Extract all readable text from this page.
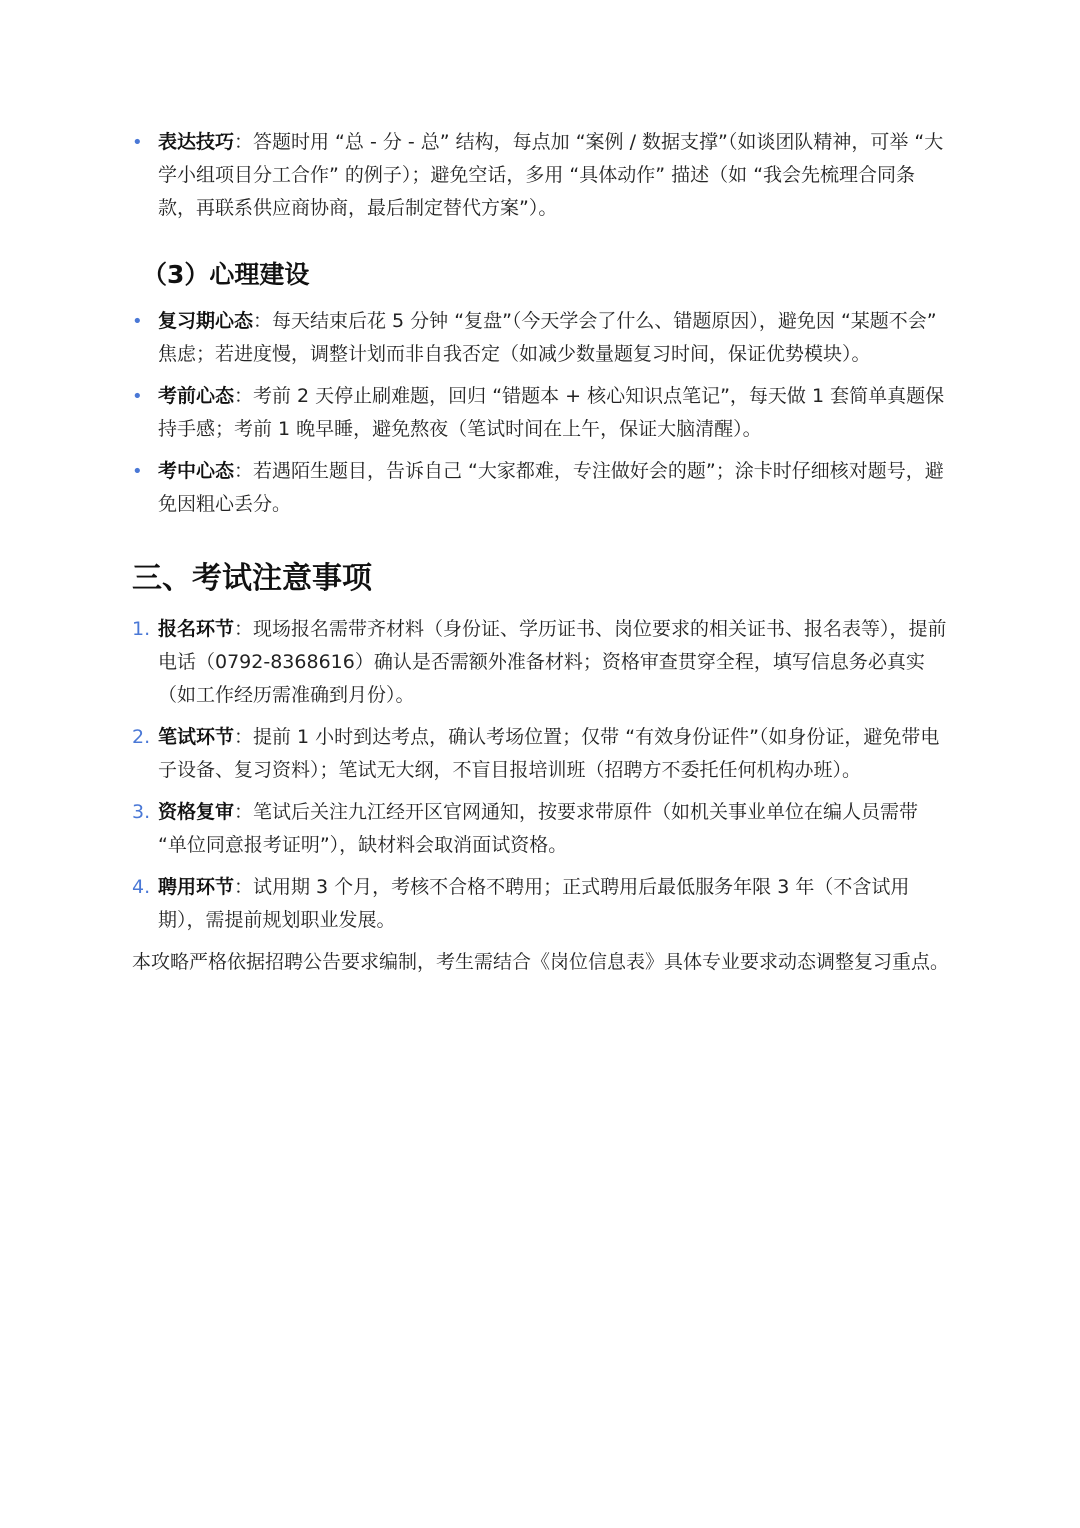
• 表达技巧：答题时用 “总 - 分 - 总” 结构，每点加 “案例 / 数据支撑”（如谈团队精神，可举 “大学小组项目分工合作” 的例子）；避免空话，多用 “具体动作” 描述（如 “我会先梳理合同条款，再联系供应商协商，最后制定替代方案”）。
（3）心理建设
• 复习期心态：每天结束后花 5 分钟 “复盘”（今天学会了什么、错题原因），避免因 “某题不会” 焦虑；若进度慢，调整计划而非自我否定（如减少数量题复习时间，保证优势模块）。
• 考前心态：考前 2 天停止刷难题，回归 “错题本 + 核心知识点笔记”，每天做 1 套简单真题保持手感；考前 1 晚早睡，避免熬夜（笔试时间在上午，保证大脑清醒）。
• 考中心态：若遇陌生题目，告诉自己 “大家都难，专注做好会的题”；涂卡时仔细核对题号，避免因粗心丢分。
三、考试注意事项
1. 报名环节：现场报名需带齐材料（身份证、学历证书、岗位要求的相关证书、报名表等），提前电话（0792-8368616）确认是否需额外准备材料；资格审查贯穿全程，填写信息务必真实（如工作经历需准确到月份）。
2. 笔试环节：提前 1 小时到达考点，确认考场位置；仅带 “有效身份证件”（如身份证，避免带电子设备、复习资料）；笔试无大纲，不盲目报培训班（招聘方不委托任何机构办班）。
3. 资格复审：笔试后关注九江经开区官网通知，按要求带原件（如机关事业单位在编人员需带 “单位同意报考证明”），缺材料会取消面试资格。
4. 聘用环节：试用期 3 个月，考核不合格不聘用；正式聘用后最低服务年限 3 年（不含试用期），需提前规划职业发展。
本攻略严格依据招聘公告要求编制，考生需结合《岗位信息表》具体专业要求动态调整复习重点。
